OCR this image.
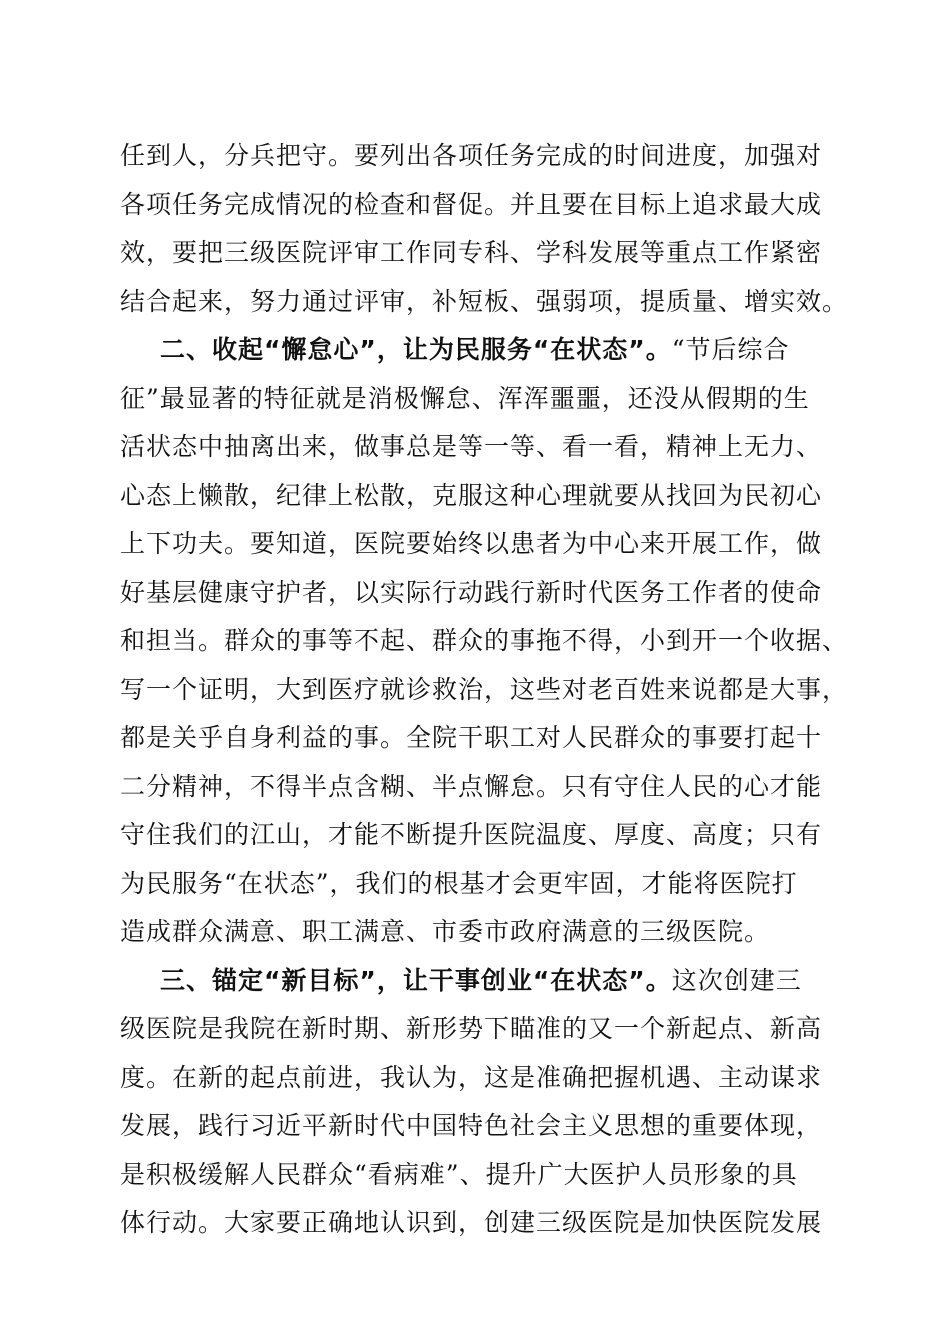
任到人，分兵把守。要列出各项任务完成的时间进度，加强对
各项任务完成情况的检查和督促。并且要在目标上追求最大成
效，要把三级医院评审工作同专科、学科发展等重点工作紧密
结合起来，努力通过评审，补短板、强弱项，提质量、增实效。
二、收起“懈怠心”，让为民服务“在状态”。“节后综合
征”最显著的特征就是消极懈怠、浑浑噩噩，还没从假期的生
活状态中抽离出来，做事总是等一等、看一看，精神上无力、
心态上懒散，纪律上松散，克服这种心理就要从找回为民初心
上下功夫。要知道，医院要始终以患者为中心来开展工作，做
好基层健康守护者，以实际行动践行新时代医务工作者的使命
和担当。群众的事等不起、群众的事拖不得，小到开一个收据、
写一个证明，大到医疗就诊救治，这些对老百姓来说都是大事，
都是关乎自身利益的事。全院干职工对人民群众的事要打起十
二分精神，不得半点含糊、半点懈怠。只有守住人民的心才能
守住我们的江山，才能不断提升医院温度、厚度、高度；只有
为民服务“在状态”，我们的根基才会更牢固，才能将医院打
造成群众满意、职工满意、市委市政府满意的三级医院。
三、锚定“新目标”，让干事创业“在状态”。这次创建三
级医院是我院在新时期、新形势下瞄准的又一个新起点、新高
度。在新的起点前进，我认为，这是准确把握机遇、主动谋求
发展，践行习近平新时代中国特色社会主义思想的重要体现，
是积极缓解人民群众“看病难”、提升广大医护人员形象的具
体行动。大家要正确地认识到，创建三级医院是加快医院发展
